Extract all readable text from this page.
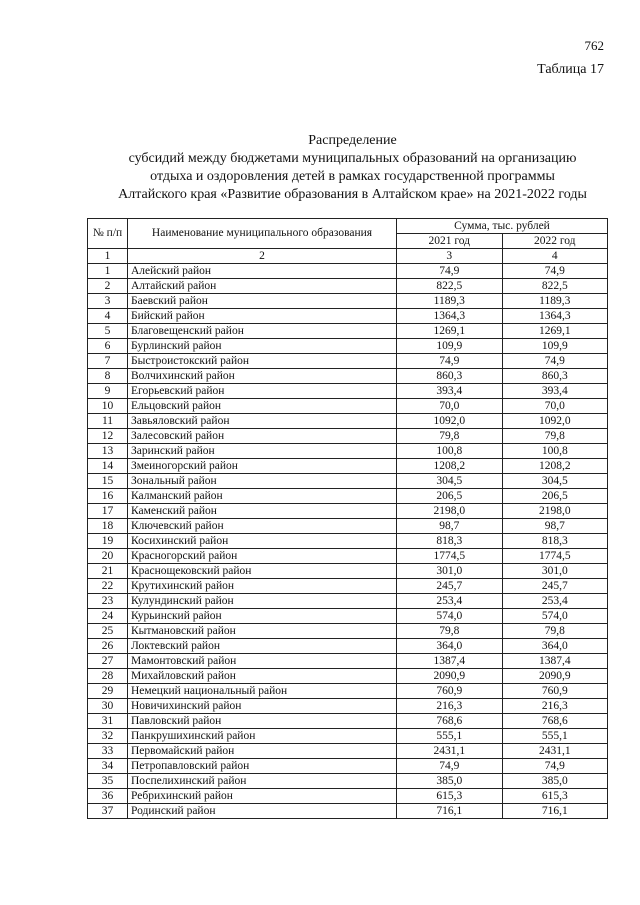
762
Таблица 17
Распределение
субсидий между бюджетами муниципальных образований на организацию
отдыха и оздоровления детей в рамках государственной программы
Алтайского края «Развитие образования в Алтайском крае» на 2021-2022 годы
№ п/п	Наименование муниципального образования	Сумма, тыс. рублей	
		2021 год	2022 год
1	2	3	4
1	Алейский район	74,9	74,9
2	Алтайский район	822,5	822,5
3	Баевский район	1189,3	1189,3
4	Бийский район	1364,3	1364,3
5	Благовещенский район	1269,1	1269,1
6	Бурлинский район	109,9	109,9
7	Быстроистокский район	74,9	74,9
8	Волчихинский район	860,3	860,3
9	Егорьевский район	393,4	393,4
10	Ельцовский район	70,0	70,0
11	Завьяловский район	1092,0	1092,0
12	Залесовский район	79,8	79,8
13	Заринский район	100,8	100,8
14	Змеиногорский район	1208,2	1208,2
15	Зональный район	304,5	304,5
16	Калманский район	206,5	206,5
17	Каменский район	2198,0	2198,0
18	Ключевский район	98,7	98,7
19	Косихинский район	818,3	818,3
20	Красногорский район	1774,5	1774,5
21	Краснощековский район	301,0	301,0
22	Крутихинский район	245,7	245,7
23	Кулундинский район	253,4	253,4
24	Курьинский район	574,0	574,0
25	Кытмановский район	79,8	79,8
26	Локтевский район	364,0	364,0
27	Мамонтовский район	1387,4	1387,4
28	Михайловский район	2090,9	2090,9
29	Немецкий национальный район	760,9	760,9
30	Новичихинский район	216,3	216,3
31	Павловский район	768,6	768,6
32	Панкрушихинский район	555,1	555,1
33	Первомайский район	2431,1	2431,1
34	Петропавловский район	74,9	74,9
35	Поспелихинский район	385,0	385,0
36	Ребрихинский район	615,3	615,3
37	Родинский район	716,1	716,1
